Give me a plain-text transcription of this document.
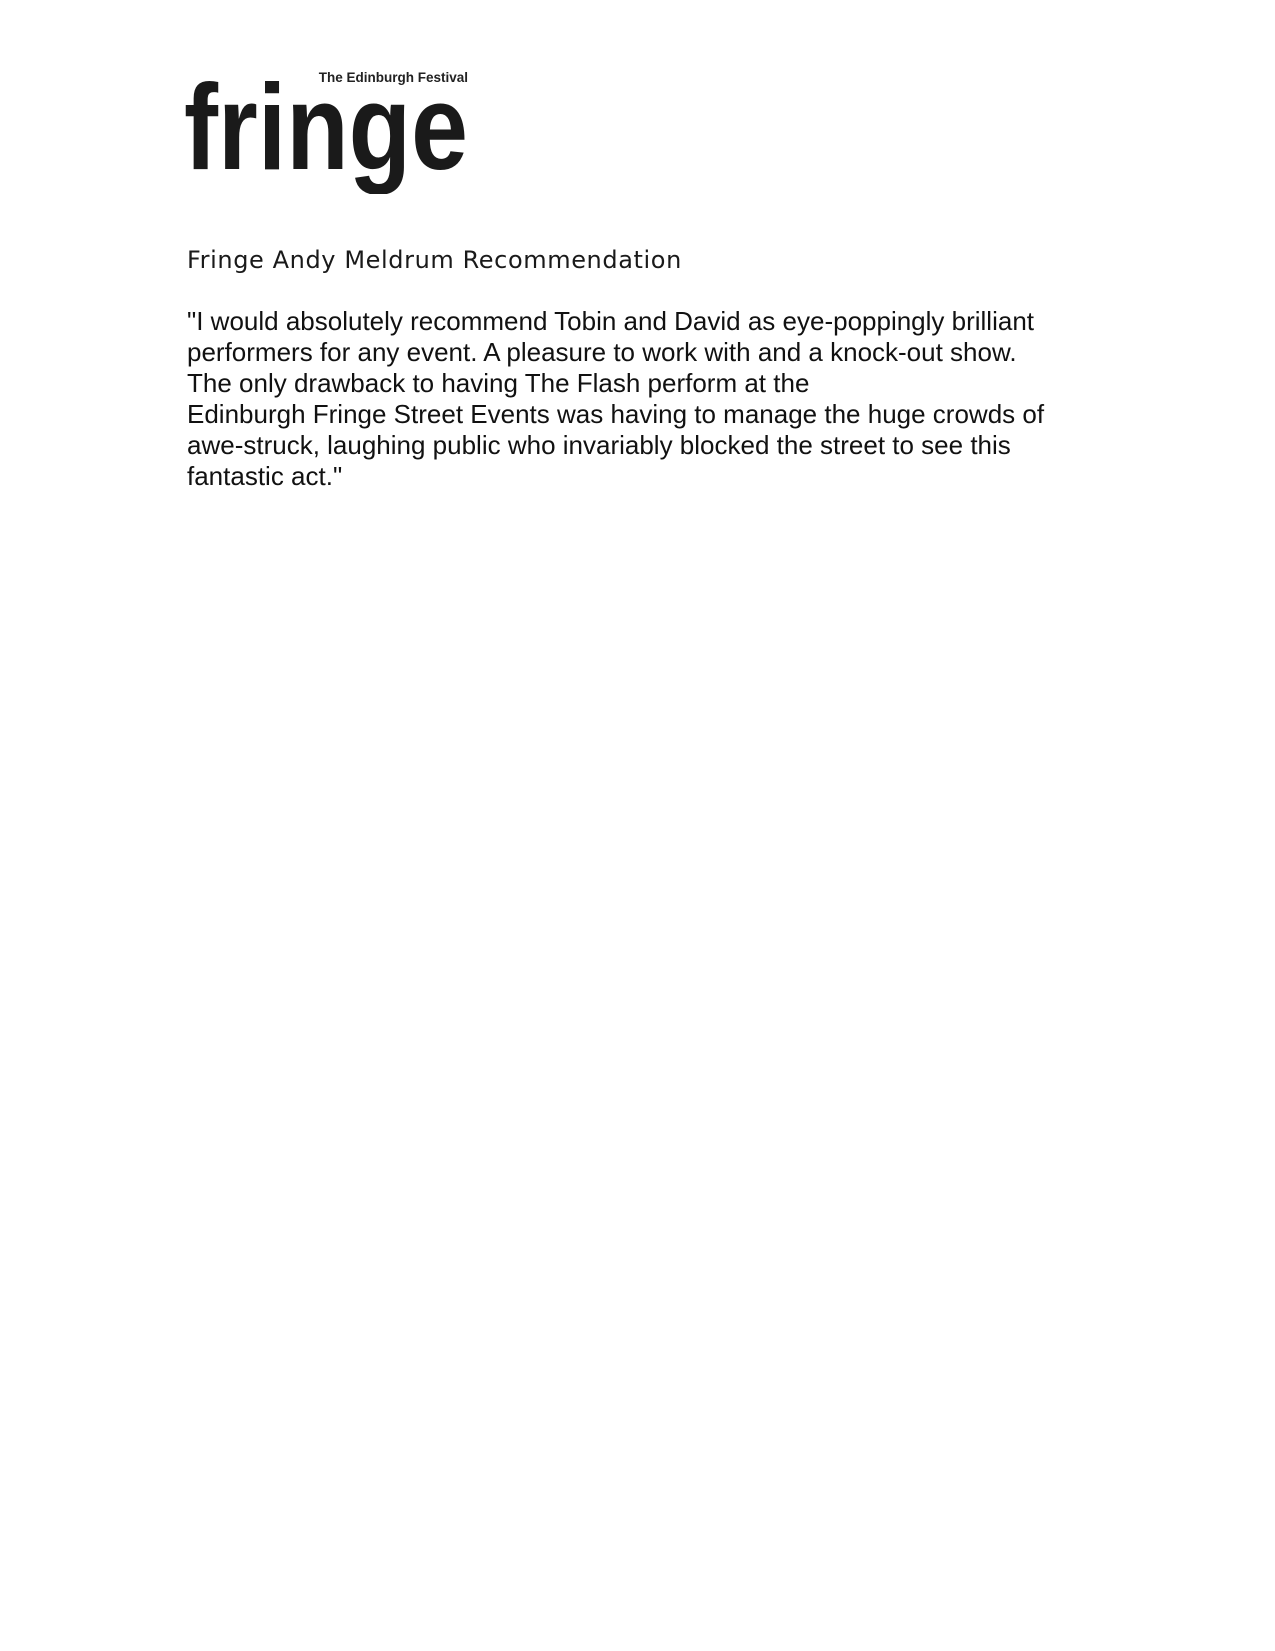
The Edinburgh Festival
fringe
Fringe Andy Meldrum Recommendation

"I would absolutely recommend Tobin and David as eye-poppingly brilliant
performers for any event. A pleasure to work with and a knock-out show.
The only drawback to having The Flash perform at the
Edinburgh Fringe Street Events was having to manage the huge crowds of
awe-struck, laughing public who invariably blocked the street to see this
fantastic act."
